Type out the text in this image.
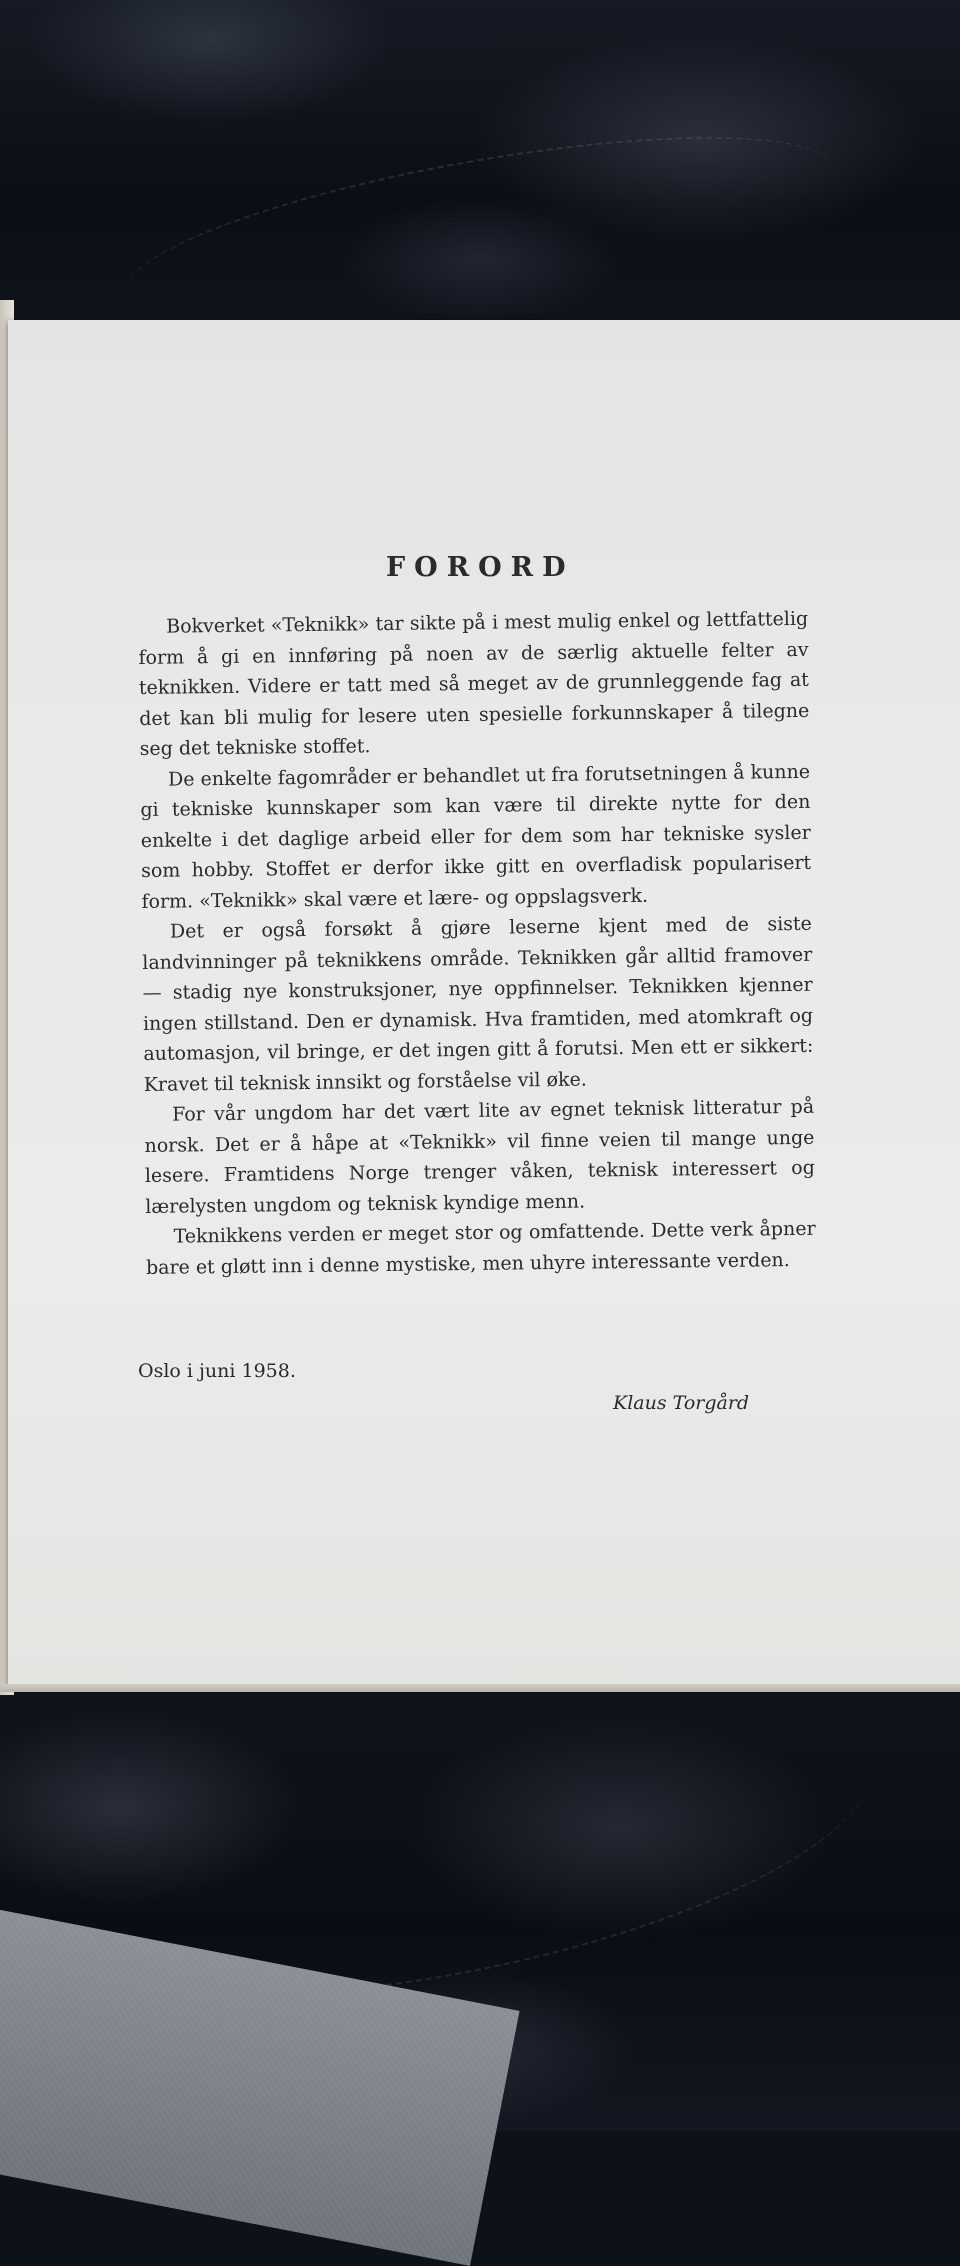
FORORD

Bokverket «Teknikk» tar sikte på i mest mulig enkel og lettfattelig form å gi en innføring på noen av de særlig aktuelle felter av teknikken. Videre er tatt med så meget av de grunnleggende fag at det kan bli mulig for lesere uten spesielle forkunnskaper å tilegne seg det tekniske stoffet.

De enkelte fagområder er behandlet ut fra forutsetningen å kunne gi tekniske kunnskaper som kan være til direkte nytte for den enkelte i det daglige arbeid eller for dem som har tekniske sysler som hobby. Stoffet er derfor ikke gitt en overfladisk popularisert form. «Teknikk» skal være et lære- og oppslagsverk.

Det er også forsøkt å gjøre leserne kjent med de siste landvinninger på teknikkens område. Teknikken går alltid framover — stadig nye konstruksjoner, nye oppfinnelser. Teknikken kjenner ingen stillstand. Den er dynamisk. Hva framtiden, med atomkraft og automasjon, vil bringe, er det ingen gitt å forutsi. Men ett er sikkert: Kravet til teknisk innsikt og forståelse vil øke.

For vår ungdom har det vært lite av egnet teknisk litteratur på norsk. Det er å håpe at «Teknikk» vil finne veien til mange unge lesere. Framtidens Norge trenger våken, teknisk interessert og lærelysten ungdom og teknisk kyndige menn.

Teknikkens verden er meget stor og omfattende. Dette verk åpner bare et gløtt inn i denne mystiske, men uhyre interessante verden.

Oslo i juni 1958.
Klaus Torgård
